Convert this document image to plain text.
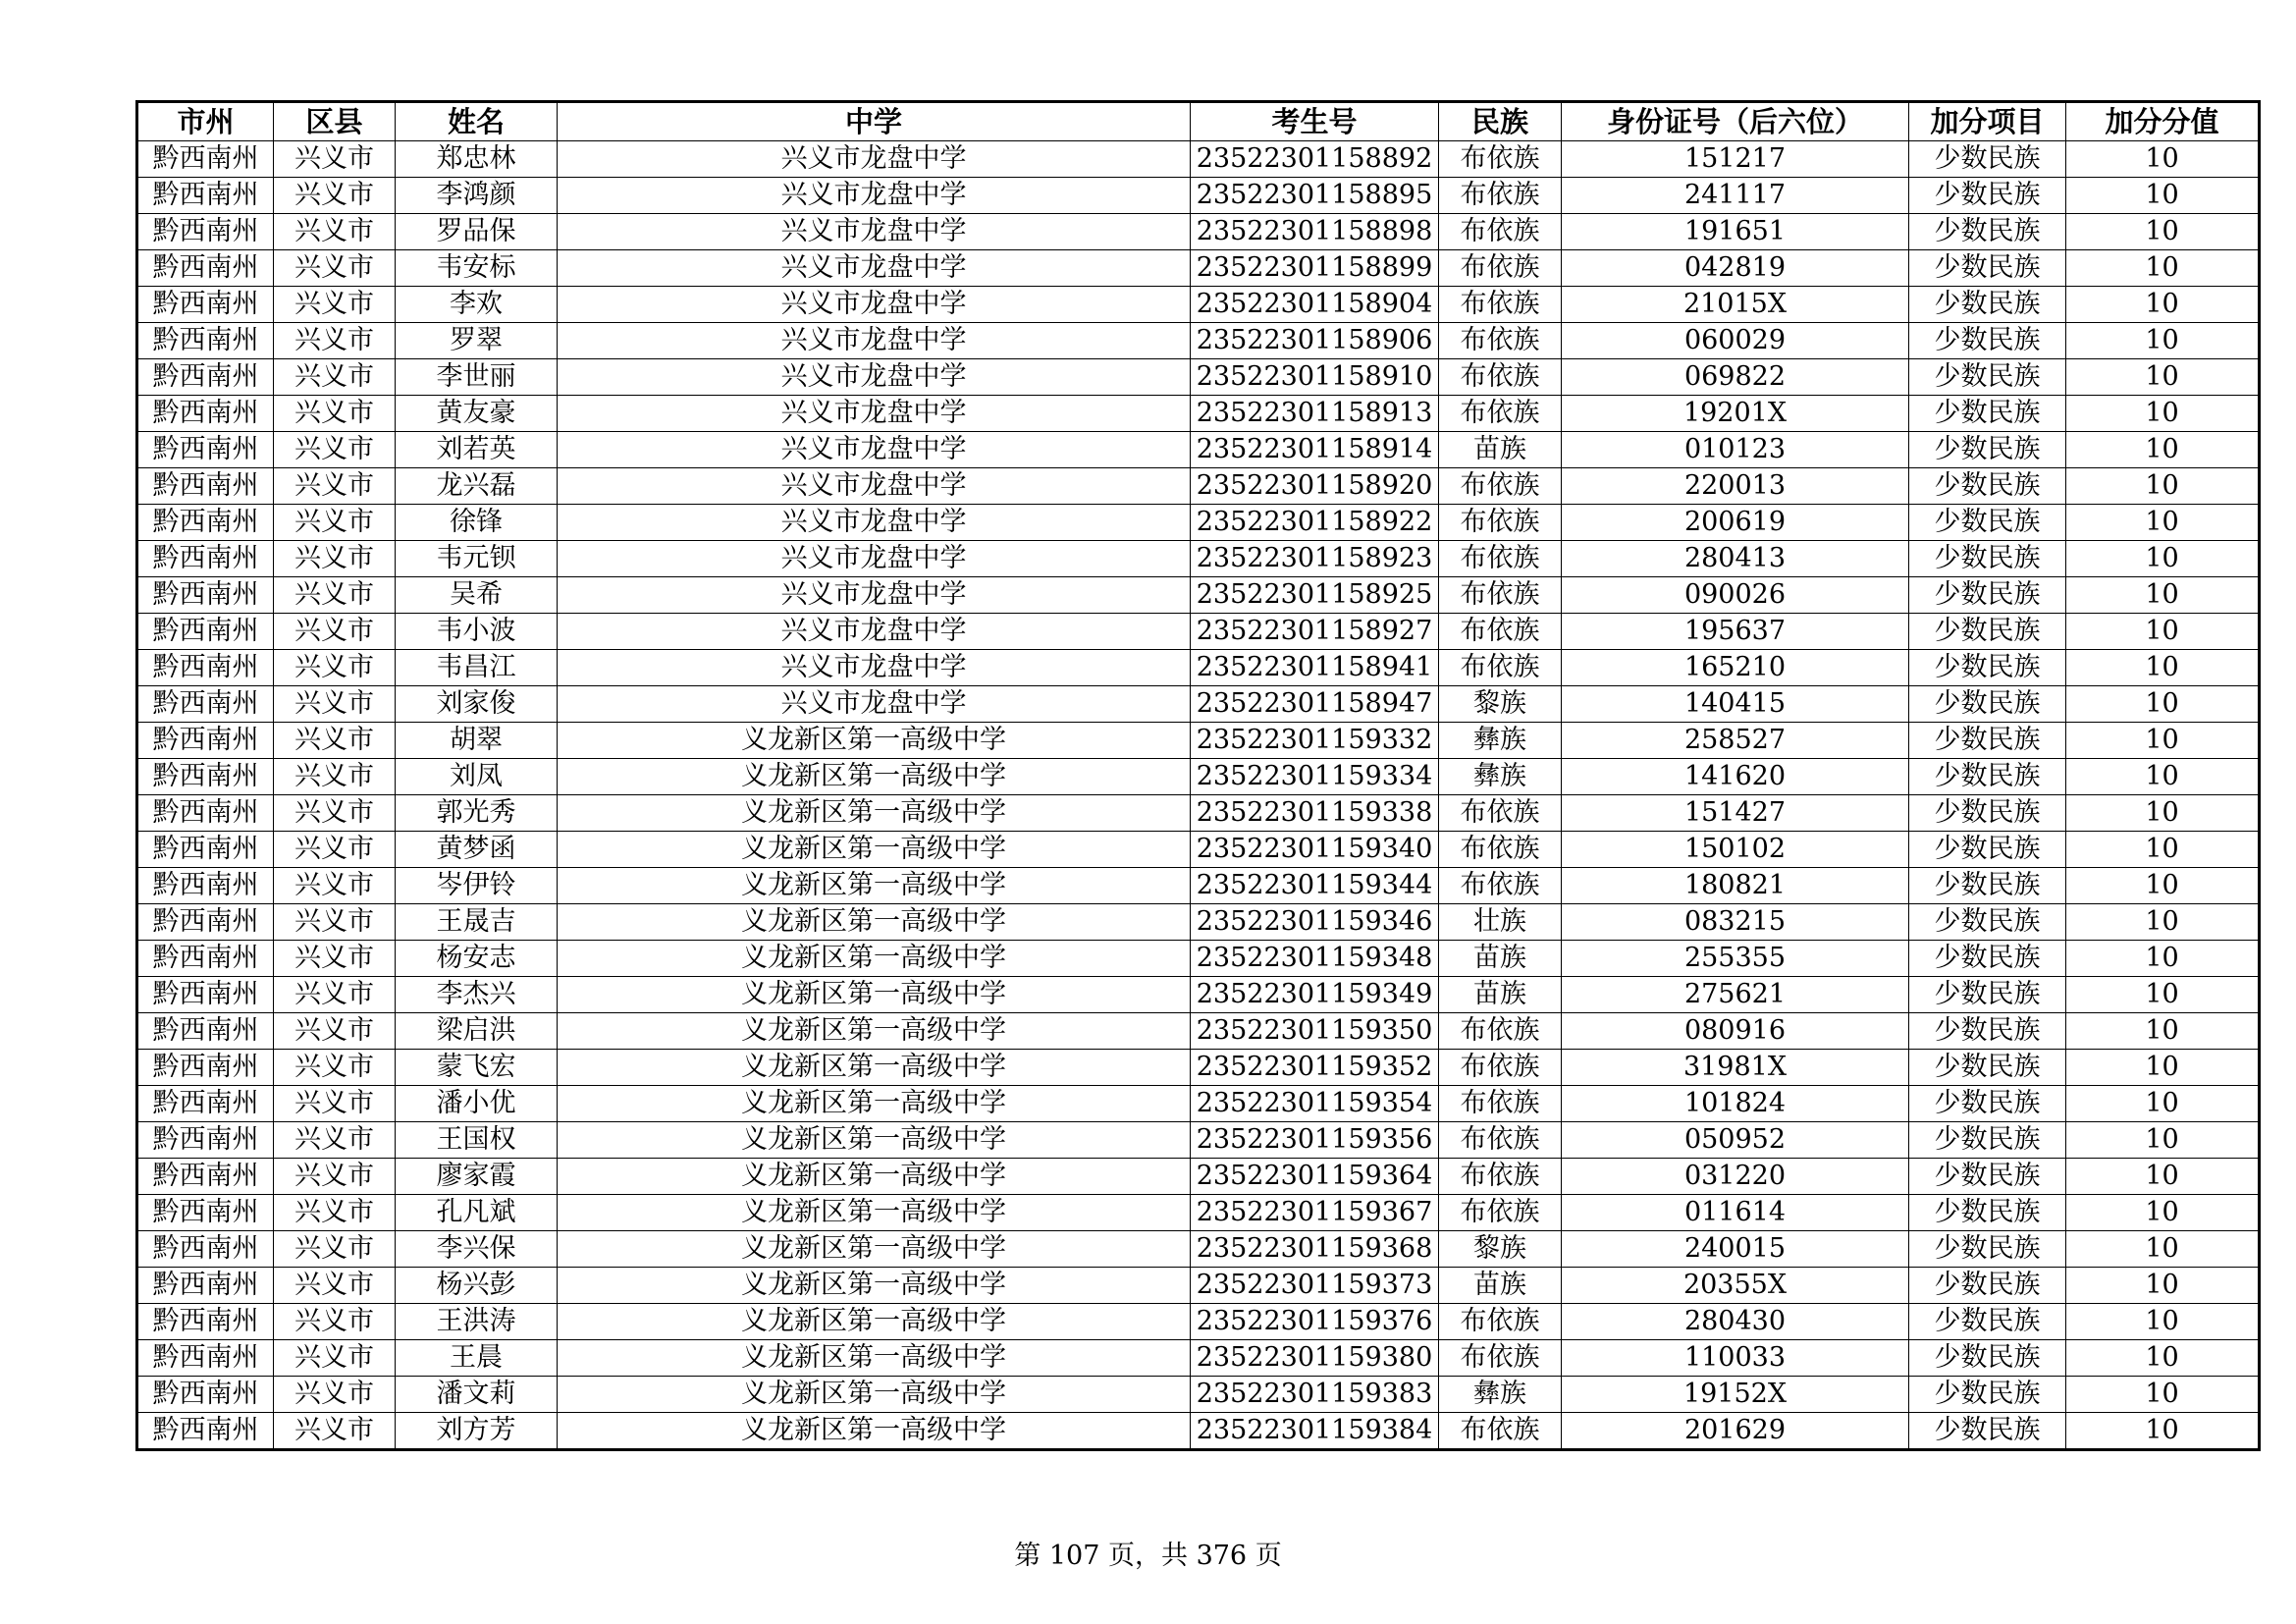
市州	区县	姓名	中学	考生号	民族	身份证号（后六位）	加分项目	加分分值
黔西南州	兴义市	郑忠林	兴义市龙盘中学	23522301158892	布依族	151217	少数民族	10
黔西南州	兴义市	李鸿颜	兴义市龙盘中学	23522301158895	布依族	241117	少数民族	10
黔西南州	兴义市	罗品保	兴义市龙盘中学	23522301158898	布依族	191651	少数民族	10
黔西南州	兴义市	韦安标	兴义市龙盘中学	23522301158899	布依族	042819	少数民族	10
黔西南州	兴义市	李欢	兴义市龙盘中学	23522301158904	布依族	21015X	少数民族	10
黔西南州	兴义市	罗翠	兴义市龙盘中学	23522301158906	布依族	060029	少数民族	10
黔西南州	兴义市	李世丽	兴义市龙盘中学	23522301158910	布依族	069822	少数民族	10
黔西南州	兴义市	黄友豪	兴义市龙盘中学	23522301158913	布依族	19201X	少数民族	10
黔西南州	兴义市	刘若英	兴义市龙盘中学	23522301158914	苗族	010123	少数民族	10
黔西南州	兴义市	龙兴磊	兴义市龙盘中学	23522301158920	布依族	220013	少数民族	10
黔西南州	兴义市	徐锋	兴义市龙盘中学	23522301158922	布依族	200619	少数民族	10
黔西南州	兴义市	韦元钡	兴义市龙盘中学	23522301158923	布依族	280413	少数民族	10
黔西南州	兴义市	吴希	兴义市龙盘中学	23522301158925	布依族	090026	少数民族	10
黔西南州	兴义市	韦小波	兴义市龙盘中学	23522301158927	布依族	195637	少数民族	10
黔西南州	兴义市	韦昌江	兴义市龙盘中学	23522301158941	布依族	165210	少数民族	10
黔西南州	兴义市	刘家俊	兴义市龙盘中学	23522301158947	黎族	140415	少数民族	10
黔西南州	兴义市	胡翠	义龙新区第一高级中学	23522301159332	彝族	258527	少数民族	10
黔西南州	兴义市	刘凤	义龙新区第一高级中学	23522301159334	彝族	141620	少数民族	10
黔西南州	兴义市	郭光秀	义龙新区第一高级中学	23522301159338	布依族	151427	少数民族	10
黔西南州	兴义市	黄梦函	义龙新区第一高级中学	23522301159340	布依族	150102	少数民族	10
黔西南州	兴义市	岑伊铃	义龙新区第一高级中学	23522301159344	布依族	180821	少数民族	10
黔西南州	兴义市	王晟吉	义龙新区第一高级中学	23522301159346	壮族	083215	少数民族	10
黔西南州	兴义市	杨安志	义龙新区第一高级中学	23522301159348	苗族	255355	少数民族	10
黔西南州	兴义市	李杰兴	义龙新区第一高级中学	23522301159349	苗族	275621	少数民族	10
黔西南州	兴义市	梁启洪	义龙新区第一高级中学	23522301159350	布依族	080916	少数民族	10
黔西南州	兴义市	蒙飞宏	义龙新区第一高级中学	23522301159352	布依族	31981X	少数民族	10
黔西南州	兴义市	潘小优	义龙新区第一高级中学	23522301159354	布依族	101824	少数民族	10
黔西南州	兴义市	王国权	义龙新区第一高级中学	23522301159356	布依族	050952	少数民族	10
黔西南州	兴义市	廖家霞	义龙新区第一高级中学	23522301159364	布依族	031220	少数民族	10
黔西南州	兴义市	孔凡斌	义龙新区第一高级中学	23522301159367	布依族	011614	少数民族	10
黔西南州	兴义市	李兴保	义龙新区第一高级中学	23522301159368	黎族	240015	少数民族	10
黔西南州	兴义市	杨兴彭	义龙新区第一高级中学	23522301159373	苗族	20355X	少数民族	10
黔西南州	兴义市	王洪涛	义龙新区第一高级中学	23522301159376	布依族	280430	少数民族	10
黔西南州	兴义市	王晨	义龙新区第一高级中学	23522301159380	布依族	110033	少数民族	10
黔西南州	兴义市	潘文莉	义龙新区第一高级中学	23522301159383	彝族	19152X	少数民族	10
黔西南州	兴义市	刘方芳	义龙新区第一高级中学	23522301159384	布依族	201629	少数民族	10
第 107 页，共 376 页
